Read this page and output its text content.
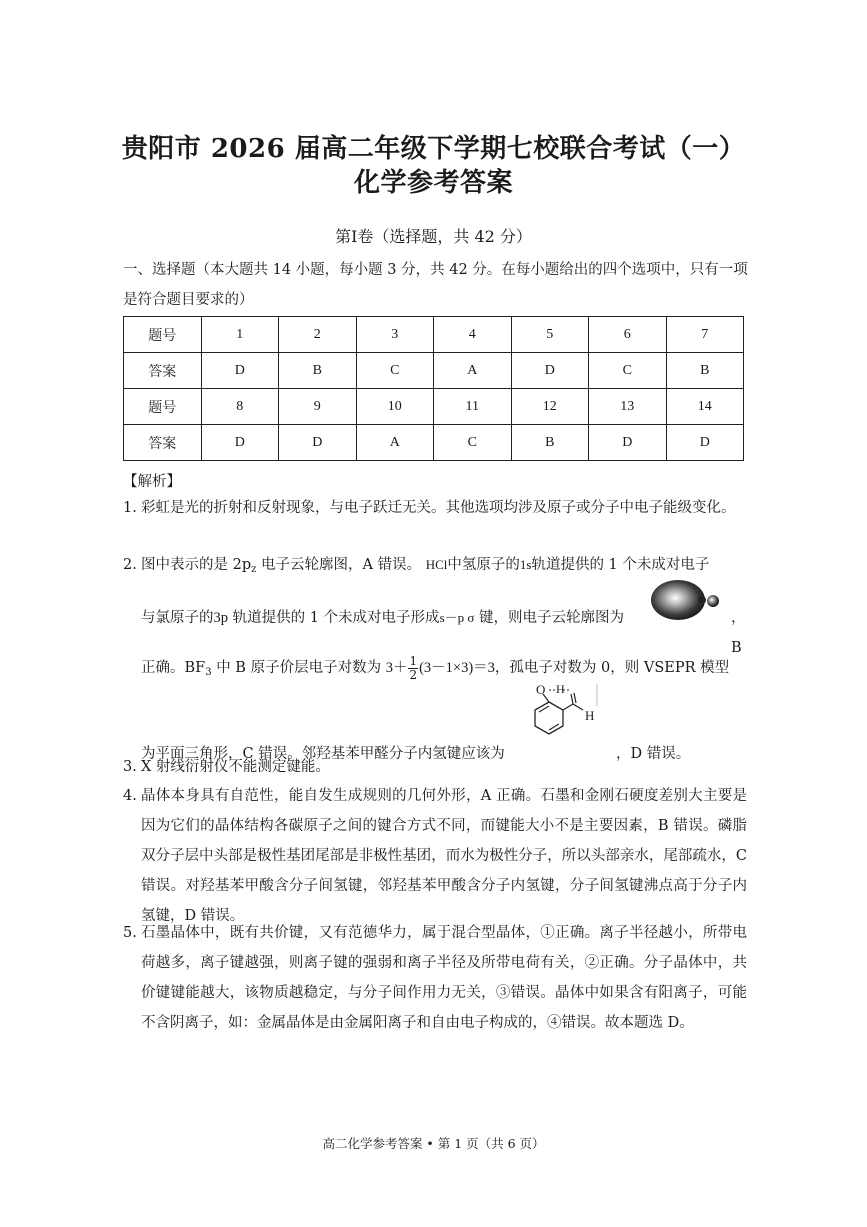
贵阳市 2026 届高二年级下学期七校联合考试（一）
化学参考答案
第Ⅰ卷（选择题，共 42 分）
一、选择题（本大题共 14 小题，每小题 3 分，共 42 分。在每小题给出的四个选项中，只有一项是符合题目要求的）
题号	1	2	3	4	5	6	7
答案	D	B	C	A	D	C	B
题号	8	9	10	11	12	13	14
答案	D	D	A	C	B	D	D
【解析】
1. 彩虹是光的折射和反射现象，与电子跃迁无关。其他选项均涉及原子或分子中电子能级变化。
2. 图中表示的是 $2p_z$ 电子云轮廓图，A 错误。 HCl中氢原子的1s轨道提供的 1 个未成对电子
与氯原子的3p 轨道提供的 1 个未成对电子形成s－p σ 键，则电子云轮廓图为	，B
正确。$BF_3$ 中 B 原子价层电子对数为 $3+ \frac{1}{2} (3-1\times 3)=3$，孤电子对数为 0，则 VSEPR 模型
为平面三角形，C 错误。邻羟基苯甲醛分子内氢键应该为	，D 错误。
O H
H
3. X 射线衍射仪不能测定键能。
4. 晶体本身具有自范性，能自发生成规则的几何外形，A 正确。石墨和金刚石硬度差别大主要是因为它们的晶体结构各碳原子之间的键合方式不同，而键能大小不是主要因素，B 错误。磷脂双分子层中头部是极性基团尾部是非极性基团，而水为极性分子，所以头部亲水，尾部疏水，C 错误。对羟基苯甲酸含分子间氢键，邻羟基苯甲酸含分子内氢键，分子间氢键沸点高于分子内氢键，D 错误。
5. 石墨晶体中，既有共价键，又有范德华力，属于混合型晶体，①正确。离子半径越小，所带电荷越多，离子键越强，则离子键的强弱和离子半径及所带电荷有关，②正确。分子晶体中，共价键键能越大，该物质越稳定，与分子间作用力无关，③错误。晶体中如果含有阳离子，可能不含阴离子，如：金属晶体是由金属阳离子和自由电子构成的，④错误。故本题选 D。
高二化学参考答案 • 第 1 页（共 6 页）
